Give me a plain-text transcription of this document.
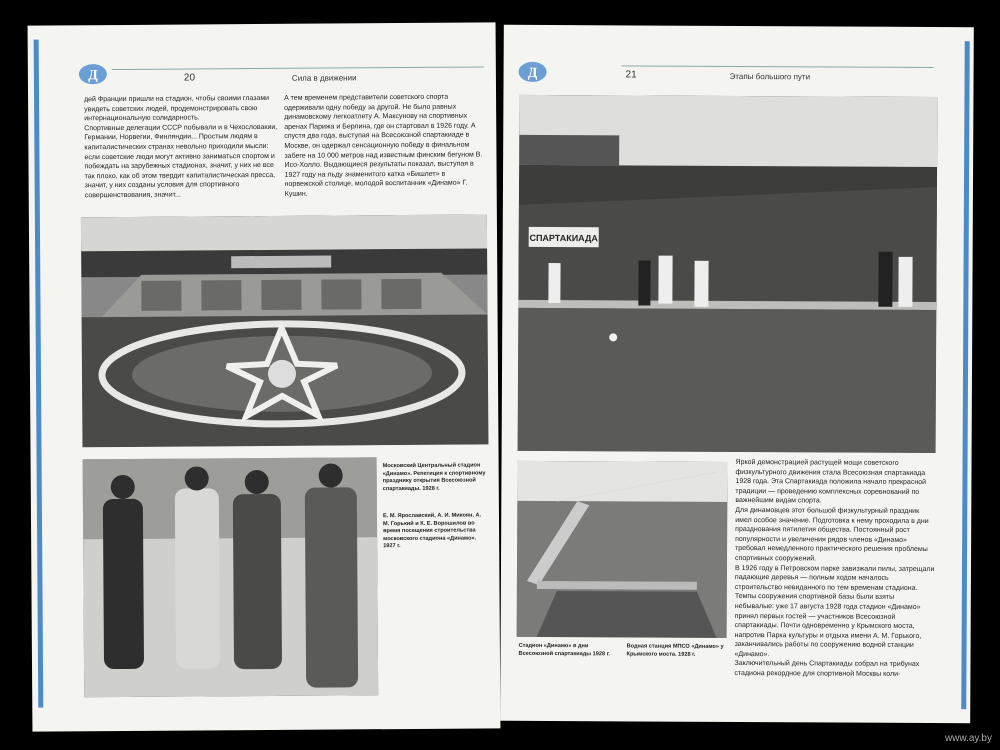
Д	20	Сила в движении
дей Франции пришли на стадион, чтобы своими глазами увидеть советских людей, продемонстрировать свою интернациональную солидарность.
Спортивные делегации СССР побывали и в Чехословакии, Германии, Норвегии, Финляндии... Простым людям в капиталистических странах невольно приходили мысли: если советские люди могут активно заниматься спортом и побеждать на зарубежных стадионах, значит, у них не все так плохо, как об этом твердит капиталистическая пресса, значит, у них созданы условия для спортивного совершенствования, значит...
А тем временем представители советского спорта одерживали одну победу за другой. Не было равных динамовскому легкоатлету А. Максунову на спортивных аренах Парижа и Берлина, где он стартовал в 1926 году. А спустя два года, выступая на Всесоюзной спартакиаде в Москве, он одержал сенсационную победу в финальном забеге на 10 000 метров над известным финским бегуном В. Исо-Холло. Выдающиеся результаты показал, выступая в 1927 году на льду знаменитого катка «Бишлет» в норвежской столице, молодой воспитанник «Динамо» Г. Кушин.
Московский Центральный стадион «Динамо». Репетиция к спортивному празднику открытия Всесоюзной спартакиады. 1928 г.
Е. М. Ярославский, А. И. Микоян, А. М. Горький и К. Е. Ворошилов во время посещения строительства московского стадиона «Динамо». 1927 г.
Д	21	Этапы большого пути
СПАРТАКИАДА
Яркой демонстрацией растущей мощи советского физкультурного движения стала Всесоюзная спартакиада 1928 года. Эта Спартакиада положила начало прекрасной традиции — проведению комплексных соревнований по важнейшим видам спорта.
Для динамовцев этот большой физкультурный праздник имел особое значение. Подготовка к нему проходила в дни празднования пятилетия общества. Постоянный рост популярности и увеличения рядов членов «Динамо» требовал немедленного практического решения проблемы спортивных сооружений.
В 1926 году в Петровском парке завизжали пилы, затрещали падающие деревья — полным ходом началось строительство невиданного по тем временам стадиона. Темпы сооружения спортивной базы были взяты небывалые: уже 17 августа 1928 года стадион «Динамо» принял первых гостей — участников Всесоюзной спартакиады. Почти одновременно у Крымского моста, напротив Парка культуры и отдыха имени А. М. Горького, заканчивались работы по сооружению водной станции «Динамо».
Заключительный день Спартакиады собрал на трибунах стадиона рекордное для спортивной Москвы коли-
Стадион «Динамо» в дни Всесоюзной спартакиады 1928 г.
Водная станция МПСО «Динамо» у Крымского моста. 1928 г.
www.ay.by
